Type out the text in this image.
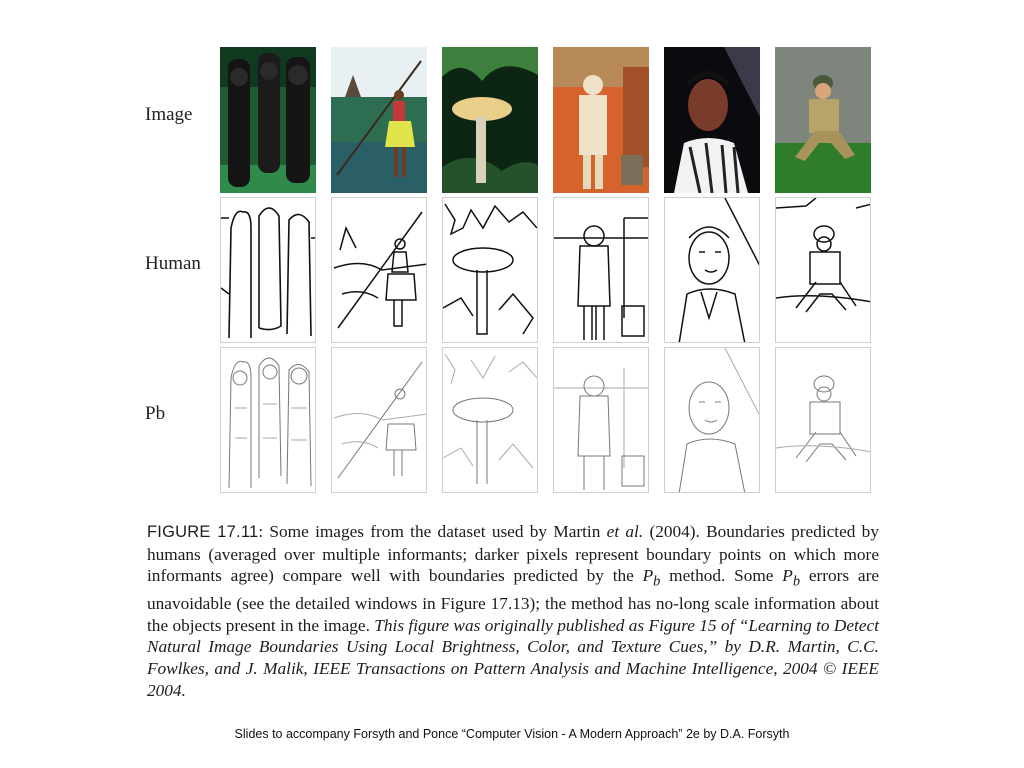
Image
Human
Pb
FIGURE 17.11: Some images from the dataset used by Martin et al. (2004). Boundaries predicted by humans (averaged over multiple informants; darker pixels represent boundary points on which more informants agree) compare well with boundaries predicted by the $P_b$ method. Some $P_b$ errors are unavoidable (see the detailed windows in Figure 17.13); the method has no-long scale information about the objects present in the image. This figure was originally published as Figure 15 of “Learning to Detect Natural Image Boundaries Using Local Brightness, Color, and Texture Cues,” by D.R. Martin, C.C. Fowlkes, and J. Malik, IEEE Transactions on Pattern Analysis and Machine Intelligence, 2004 © IEEE 2004.
Slides to accompany Forsyth and Ponce “Computer Vision - A Modern Approach” 2e by D.A. Forsyth
